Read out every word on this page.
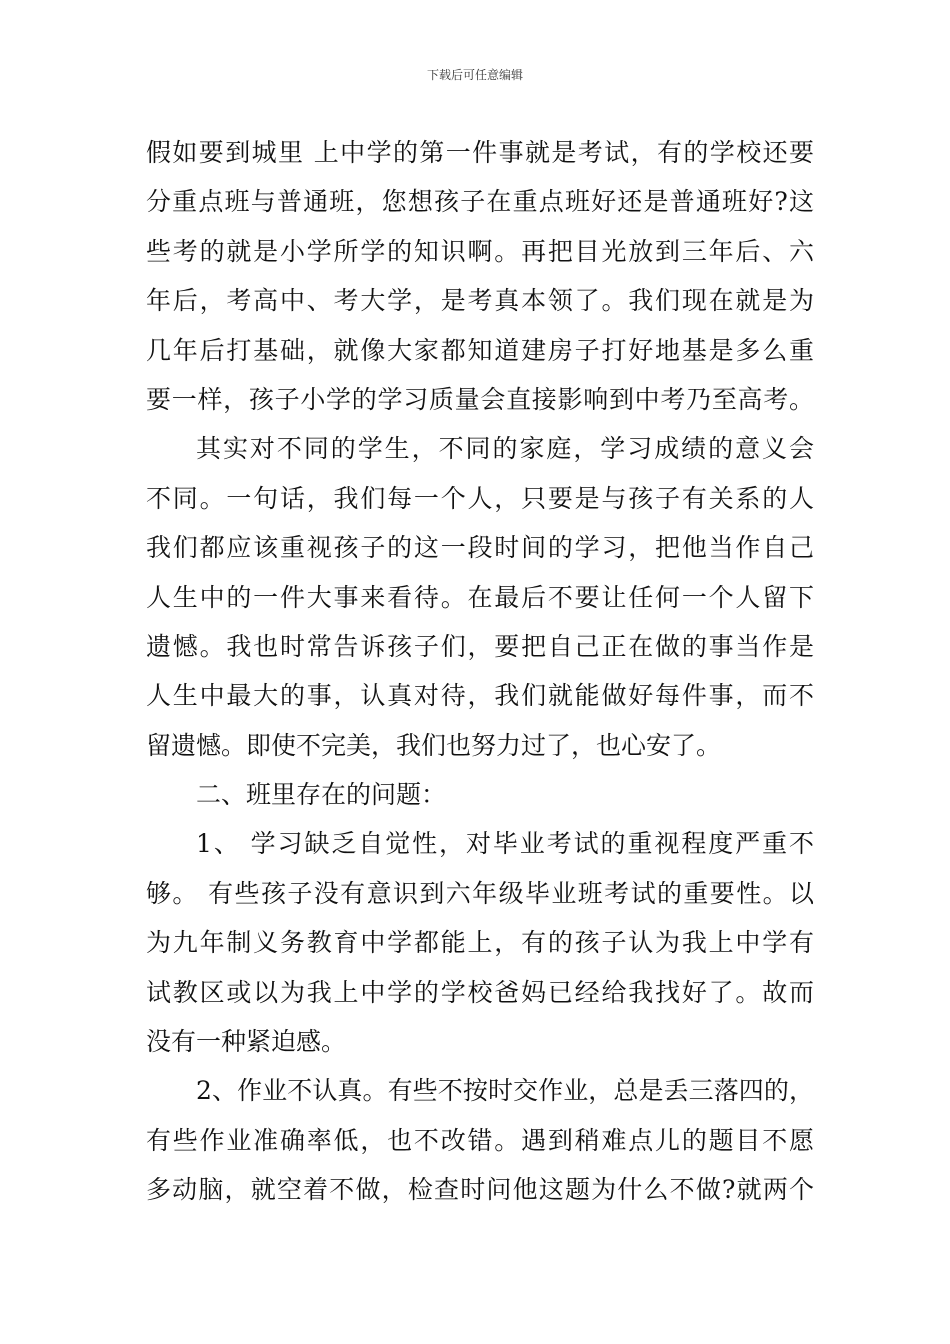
下载后可任意编辑
假如要到城里 上中学的第一件事就是考试，有的学校还要
分重点班与普通班，您想孩子在重点班好还是普通班好?这
些考的就是小学所学的知识啊。再把目光放到三年后、六
年后，考高中、考大学，是考真本领了。我们现在就是为
几年后打基础，就像大家都知道建房子打好地基是多么重
要一样，孩子小学的学习质量会直接影响到中考乃至高考。
其实对不同的学生，不同的家庭，学习成绩的意义会
不同。一句话，我们每一个人，只要是与孩子有关系的人
我们都应该重视孩子的这一段时间的学习，把他当作自己
人生中的一件大事来看待。在最后不要让任何一个人留下
遗憾。我也时常告诉孩子们，要把自己正在做的事当作是
人生中最大的事，认真对待，我们就能做好每件事，而不
留遗憾。即使不完美，我们也努力过了，也心安了。
二、班里存在的问题：
1、 学习缺乏自觉性，对毕业考试的重视程度严重不
够。 有些孩子没有意识到六年级毕业班考试的重要性。以
为九年制义务教育中学都能上，有的孩子认为我上中学有
试教区或以为我上中学的学校爸妈已经给我找好了。故而
没有一种紧迫感。
2、作业不认真。有些不按时交作业，总是丢三落四的，
有些作业准确率低，也不改错。遇到稍难点儿的题目不愿
多动脑，就空着不做，检查时问他这题为什么不做?就两个
